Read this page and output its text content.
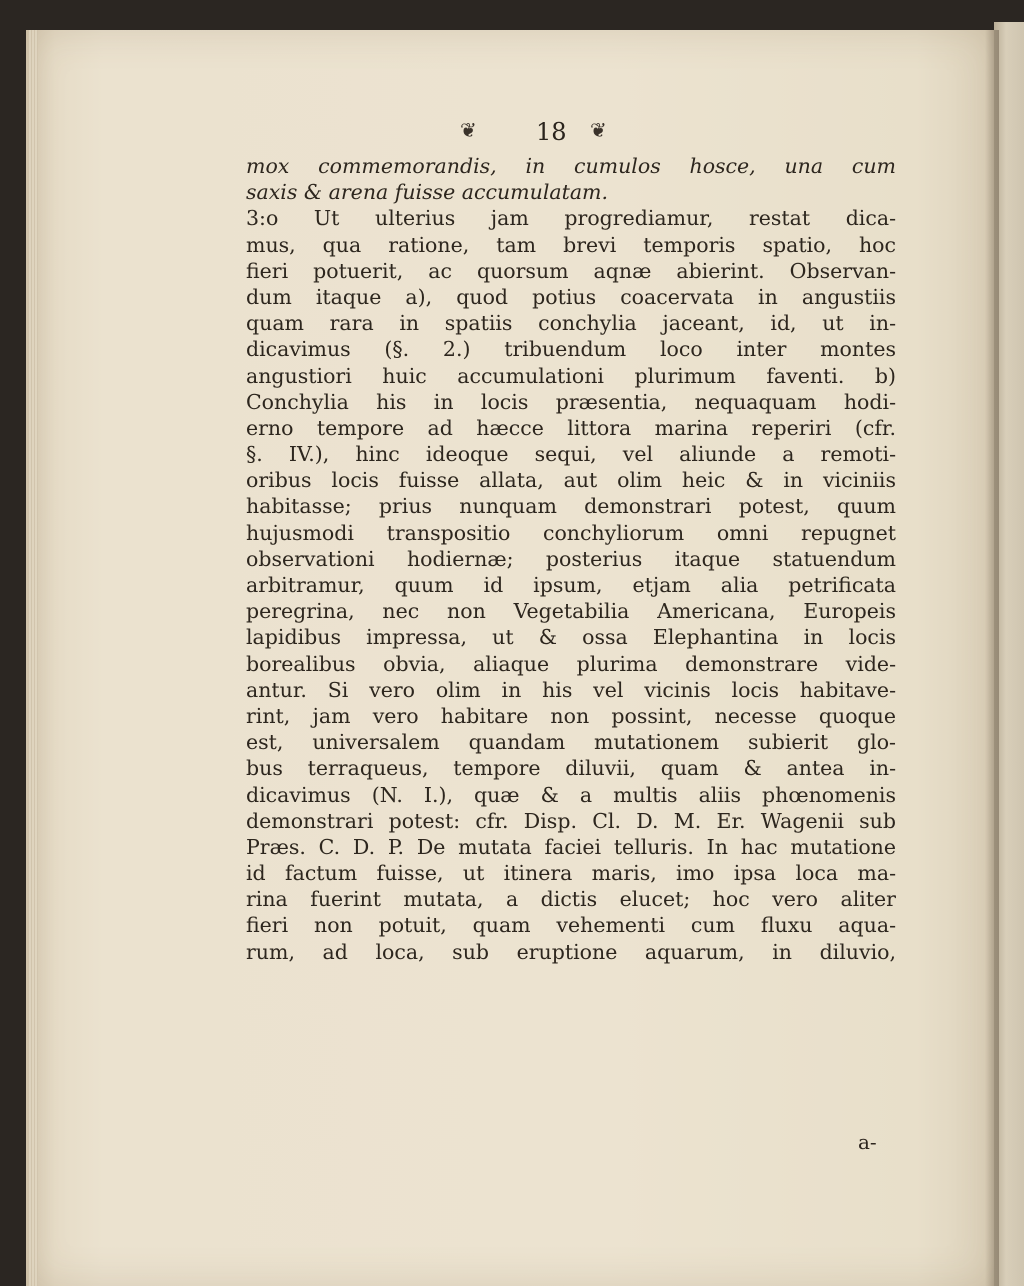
❦	18 ❦
mox commemorandis, in cumulos hosce, una cum
saxis & arena fuisse accumulatam.
3:o Ut ulterius jam progrediamur, restat dica-
mus, qua ratione, tam brevi temporis spatio, hoc
fieri potuerit, ac quorsum aqnæ abierint. Observan-
dum itaque a), quod potius coacervata in angustiis
quam rara in spatiis conchylia jaceant, id, ut in-
dicavimus (§. 2.) tribuendum loco inter montes
angustiori huic accumulationi plurimum faventi. b)
Conchylia his in locis præsentia, nequaquam hodi-
erno tempore ad hæcce littora marina reperiri (cfr.
§. IV.), hinc ideoque sequi, vel aliunde a remoti-
oribus locis fuisse allata, aut olim heic & in viciniis
habitasse; prius nunquam demonstrari potest, quum
hujusmodi transpositio conchyliorum omni repugnet
observationi hodiernæ; posterius itaque statuendum
arbitramur, quum id ipsum, etjam alia petrificata
peregrina, nec non Vegetabilia Americana, Europeis
lapidibus impressa, ut & ossa Elephantina in locis
borealibus obvia, aliaque plurima demonstrare vide-
antur. Si vero olim in his vel vicinis locis habitave-
rint, jam vero habitare non possint, necesse quoque
est, universalem quandam mutationem subierit glo-
bus terraqueus, tempore diluvii, quam & antea in-
dicavimus (N. I.), quæ & a multis aliis phœnomenis
demonstrari potest: cfr. Disp. Cl. D. M. Er. Wagenii sub
Præs. C. D. P. De mutata faciei telluris. In hac mutatione
id factum fuisse, ut itinera maris, imo ipsa loca ma-
rina fuerint mutata, a dictis elucet; hoc vero aliter
fieri non potuit, quam vehementi cum fluxu aqua-
rum, ad loca, sub eruptione aquarum, in diluvio,
a-
